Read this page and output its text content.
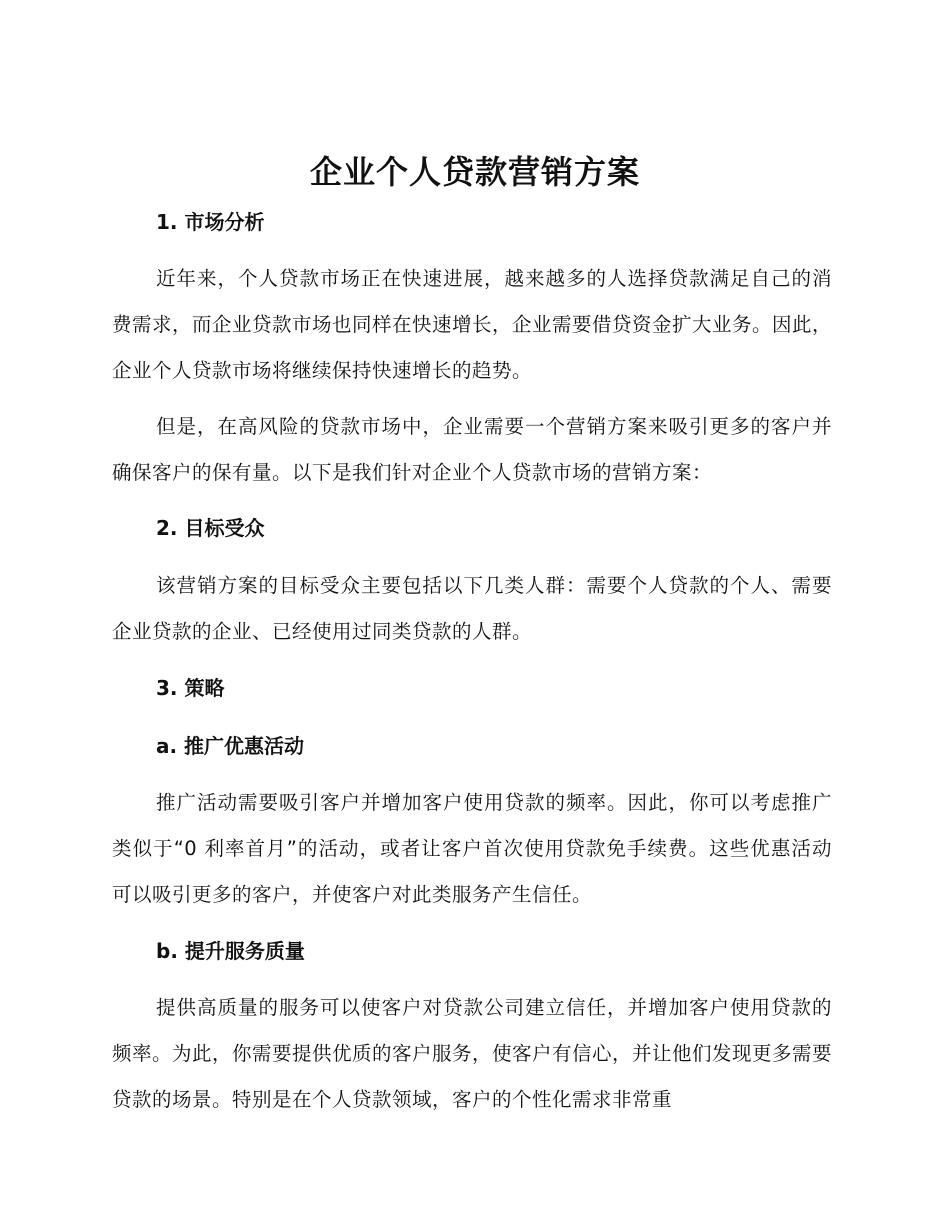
企业个人贷款营销方案
1. 市场分析
近年来，个人贷款市场正在快速进展，越来越多的人选择贷款满足自己的消费需求，而企业贷款市场也同样在快速增长，企业需要借贷资金扩大业务。因此，企业个人贷款市场将继续保持快速增长的趋势。
但是，在高风险的贷款市场中，企业需要一个营销方案来吸引更多的客户并确保客户的保有量。以下是我们针对企业个人贷款市场的营销方案：
2. 目标受众
该营销方案的目标受众主要包括以下几类人群：需要个人贷款的个人、需要企业贷款的企业、已经使用过同类贷款的人群。
3. 策略
a. 推广优惠活动
推广活动需要吸引客户并增加客户使用贷款的频率。因此，你可以考虑推广类似于“0 利率首月”的活动，或者让客户首次使用贷款免手续费。这些优惠活动可以吸引更多的客户，并使客户对此类服务产生信任。
b. 提升服务质量
提供高质量的服务可以使客户对贷款公司建立信任，并增加客户使用贷款的频率。为此，你需要提供优质的客户服务，使客户有信心，并让他们发现更多需要贷款的场景。特别是在个人贷款领域，客户的个性化需求非常重
